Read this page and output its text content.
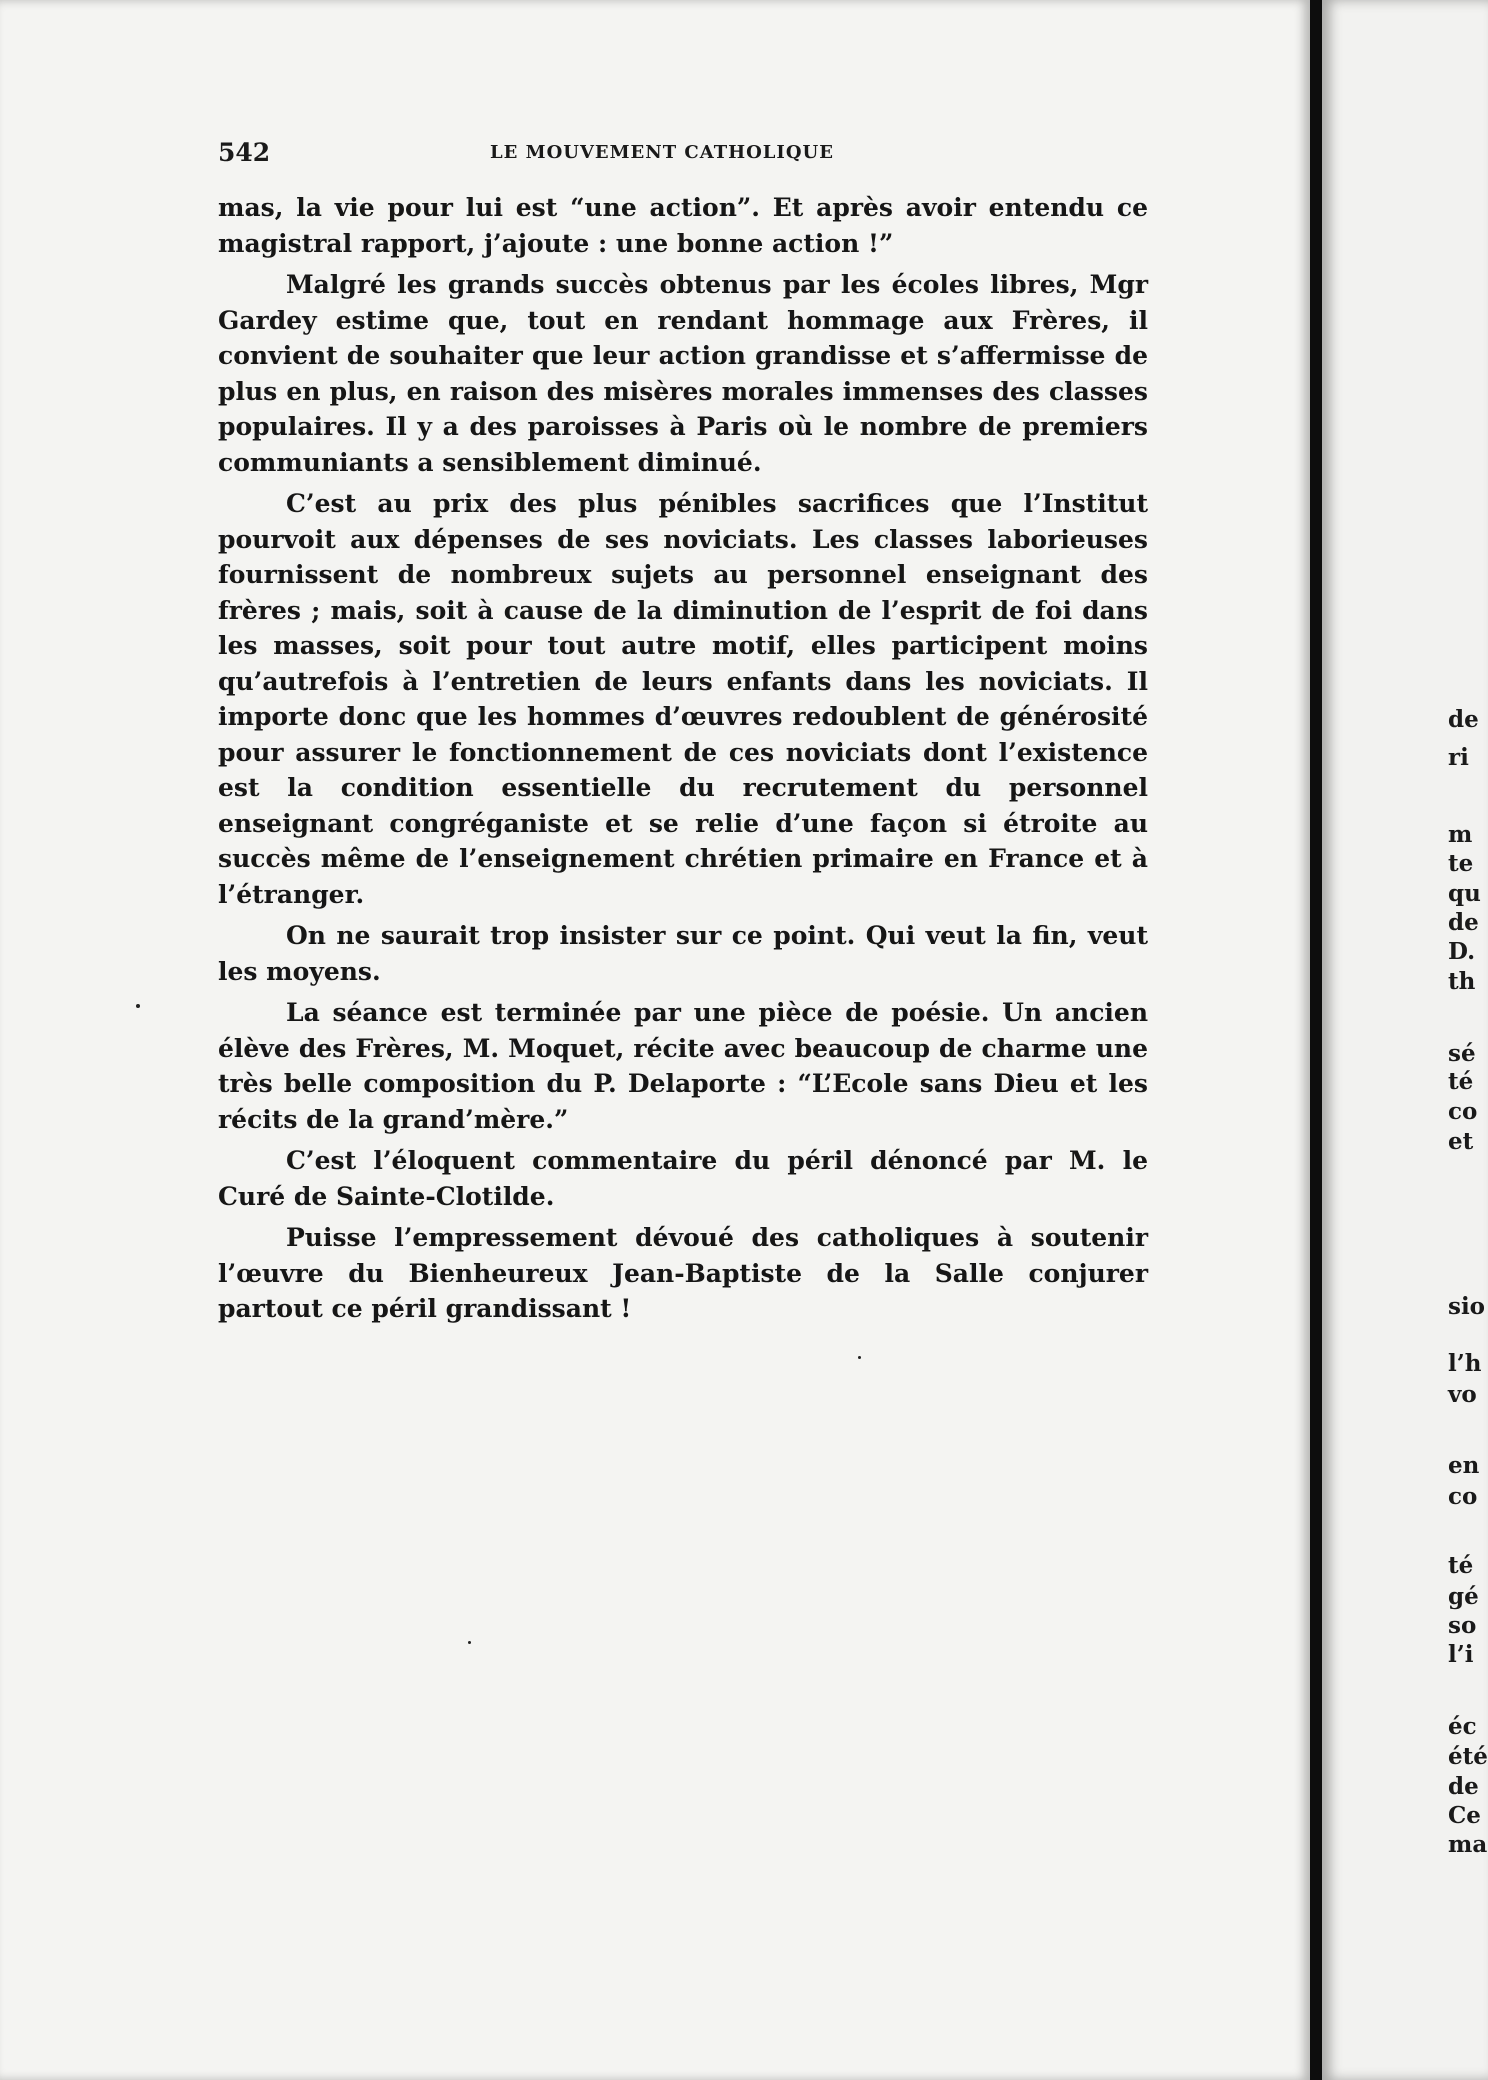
542	LE MOUVEMENT CATHOLIQUE

mas, la vie pour lui est “une action”. Et après avoir entendu ce magistral rapport, j’ajoute : une bonne action !”

Malgré les grands succès obtenus par les écoles libres, Mgr Gardey estime que, tout en rendant hommage aux Frères, il convient de souhaiter que leur action grandisse et s’affermisse de plus en plus, en raison des misères morales immenses des classes populaires. Il y a des paroisses à Paris où le nombre de premiers communiants a sensiblement diminué.

C’est au prix des plus pénibles sacrifices que l’Institut pourvoit aux dépenses de ses noviciats. Les classes laborieuses fournissent de nombreux sujets au personnel enseignant des frères ; mais, soit à cause de la diminution de l’esprit de foi dans les masses, soit pour tout autre motif, elles participent moins qu’autrefois à l’entretien de leurs enfants dans les noviciats. Il importe donc que les hommes d’œuvres redoublent de générosité pour assurer le fonctionnement de ces noviciats dont l’existence est la condition essentielle du recrutement du personnel enseignant congréganiste et se relie d’une façon si étroite au succès même de l’enseignement chrétien primaire en France et à l’étranger.

On ne saurait trop insister sur ce point. Qui veut la fin, veut les moyens.

La séance est terminée par une pièce de poésie. Un ancien élève des Frères, M. Moquet, récite avec beaucoup de charme une très belle composition du P. Delaporte : “L’Ecole sans Dieu et les récits de la grand’mère.”

C’est l’éloquent commentaire du péril dénoncé par M. le Curé de Sainte-Clotilde.

Puisse l’empressement dévoué des catholiques à soutenir l’œuvre du Bienheureux Jean-Baptiste de la Salle conjurer partout ce péril grandissant !

de
ri
m
te
qu
de
D.
th
sé
té
co
et
sio
l’h
vo
en
co
té
gé
so
l’i
éc
été
de
Ce
ma
